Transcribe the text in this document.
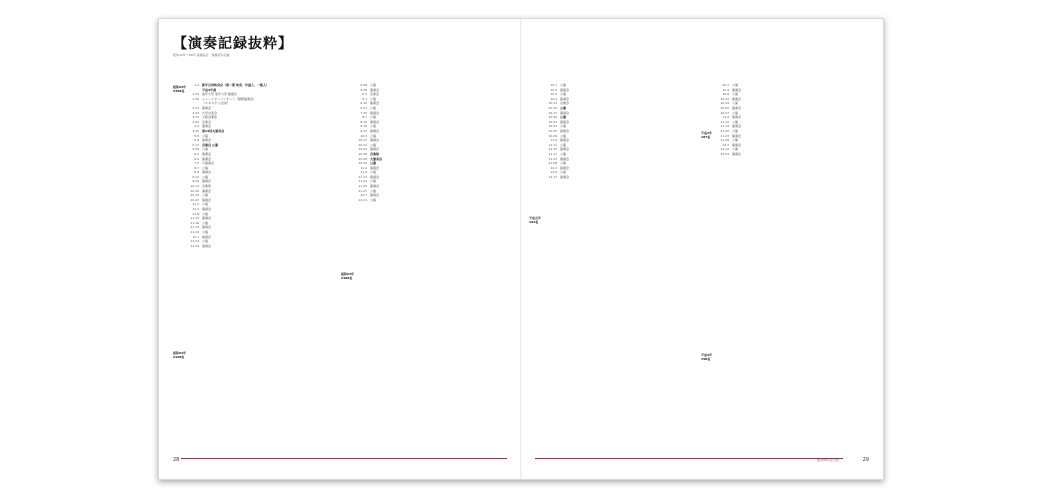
【演奏記録抜粋】
昭和43年〜64年 演奏曲目　演奏者を記載
昭和63年
2398名
昭和62年
2128名
昭和63年
2188名
1.4 新年合同吹奏会（第一部 吹奏、外国人、一般人）
平成4年度
1.23 成年大学 成年大学 演奏会
1.26 ニューイヤーコンサート（国際演奏会）
（エキスポ 公会堂）
2.11 演奏会
2.24 大学交流会
3.13 大阪音楽祭
3.22 音楽会
4.2 演奏会
4.25 第13回大演奏会
5.8 公演
5.8 演奏会
5.17 音楽会 公演
5.28 公演
6.2 演奏会
6.9 演奏会
7.5 大演奏会
8.7 公演
8.8 演奏会
9.12 公演
9.29 演奏会
10.13 音楽祭
10.16 演奏会
10.19 公演
10.22 演奏会
11.2 公演
11.3 演奏会
11.8 公演
11.13 演奏会
11.16 公演
11.19 演奏会
11.29 公演
12.1 演奏会
12.14 公演
12.22 演奏会
5.26 公演
5.26 演奏会
6.5 音楽会
6.7 公演
6.10 演奏会
6.21 公演
7.25 演奏会
8.7 公演
8.15 演奏会
9.16 公演
9.17 演奏会
10.5 公演
10.17 演奏会
10.21 公演
10.24 演奏会
10.28 音楽祭
10.28 大演奏会
10.30 公演
11.4 演奏会
11.9 公演
11.17 演奏会
11.24 公演
11.25 演奏会
11.27 公演
12.7 演奏会
12.11 公演
28
平成元年
191名
平成2年
187名
平成3年
150名
10.1 公演
10.2 演奏会
10.3 公演
10.4 演奏会
10.11 音楽会
10.15 公演
10.17 演奏会
10.20 公演
10.22 演奏会
10.23 公演
10.25 演奏会
10.29 公演
11.3 演奏会
11.11 公演
11.15 演奏会
11.17 公演
11.23 演奏会
11.28 公演
12.3 演奏会
12.9 公演
12.17 演奏会
10.1 公演
10.4 演奏会
10.8 公演
10.12 演奏会
10.14 公演
10.20 演奏会
10.27 公演
11.3 演奏会
11.10 公演
11.14 演奏会
11.20 公演
11.23 演奏会
11.28 公演
12.2 演奏会
12.12 公演
12.24 演奏会
創部50年記念誌	29
